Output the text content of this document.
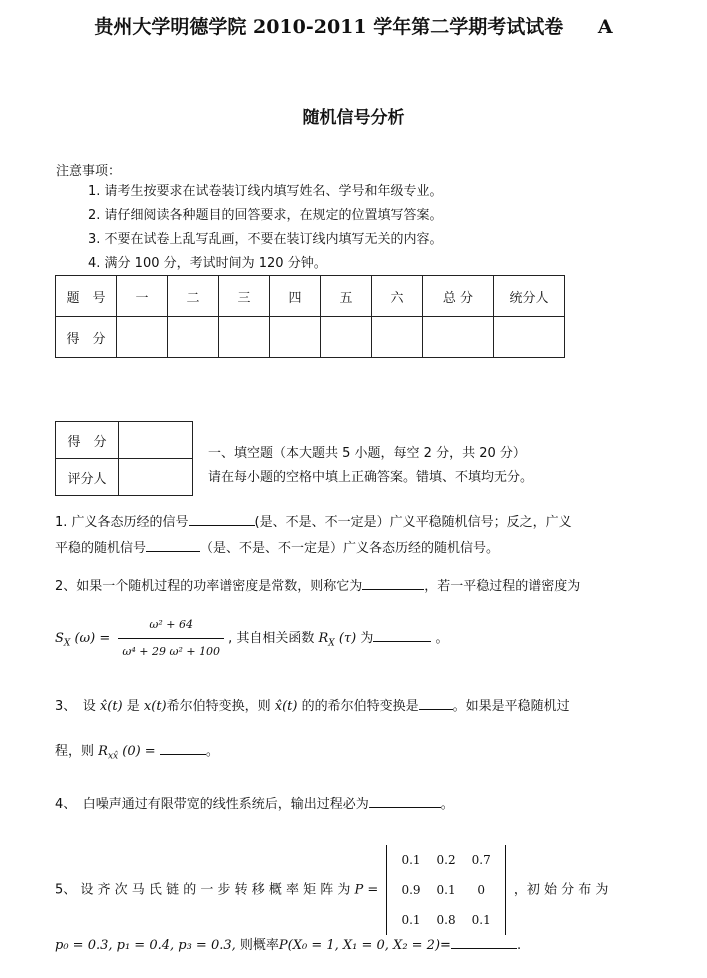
贵州大学明德学院 2010-2011 学年第二学期考试试卷 A
随机信号分析
注意事项：
1. 请考生按要求在试卷装订线内填写姓名、学号和年级专业。
2. 请仔细阅读各种题目的回答要求，在规定的位置填写答案。
3. 不要在试卷上乱写乱画，不要在装订线内填写无关的内容。
4. 满分 100 分，考试时间为 120 分钟。
题　号	一	二	三	四	五	六	总 分	统分人
得　分								
得　分	
评分人	
一、填空题（本大题共 5 小题，每空 2 分，共 20 分）
请在每小题的空格中填上正确答案。错填、不填均无分。
1. 广义各态历经的信号	(是、不是、不一定是）广义平稳随机信号；反之，广义
平稳的随机信号	（是、不是、不一定是）广义各态历经的随机信号。
2、如果一个随机过程的功率谱密度是常数，则称它为	，若一平稳过程的谱密度为
$S_X$ $(\omega) = \frac{\text{ω² + 64}}{\text{ω⁴ + 29 ω² + 100}}$ , 其自相关函数 $R_X$ (τ) 为	。
3、　设 x̂(t) 是 x(t)希尔伯特变换，则 x̂(t) 的的希尔伯特变换是	。如果是平稳随机过
程，则 $R_{xx̂}$ (0) =	。
4、　白噪声通过有限带宽的线性系统后，输出过程必为	。
5、 设 齐 次 马 氏 链 的 一 步 转 移 概 率 矩 阵 为 P =
0.1	0.2	0.7
0.9	0.1	0
0.1	0.8	0.1
，初 始 分 布 为
p₀ = 0.3, p₁ = 0.4, p₃ = 0.3, 则概率P(X₀ = 1, X₁ = 0, X₂ = 2)=	.
